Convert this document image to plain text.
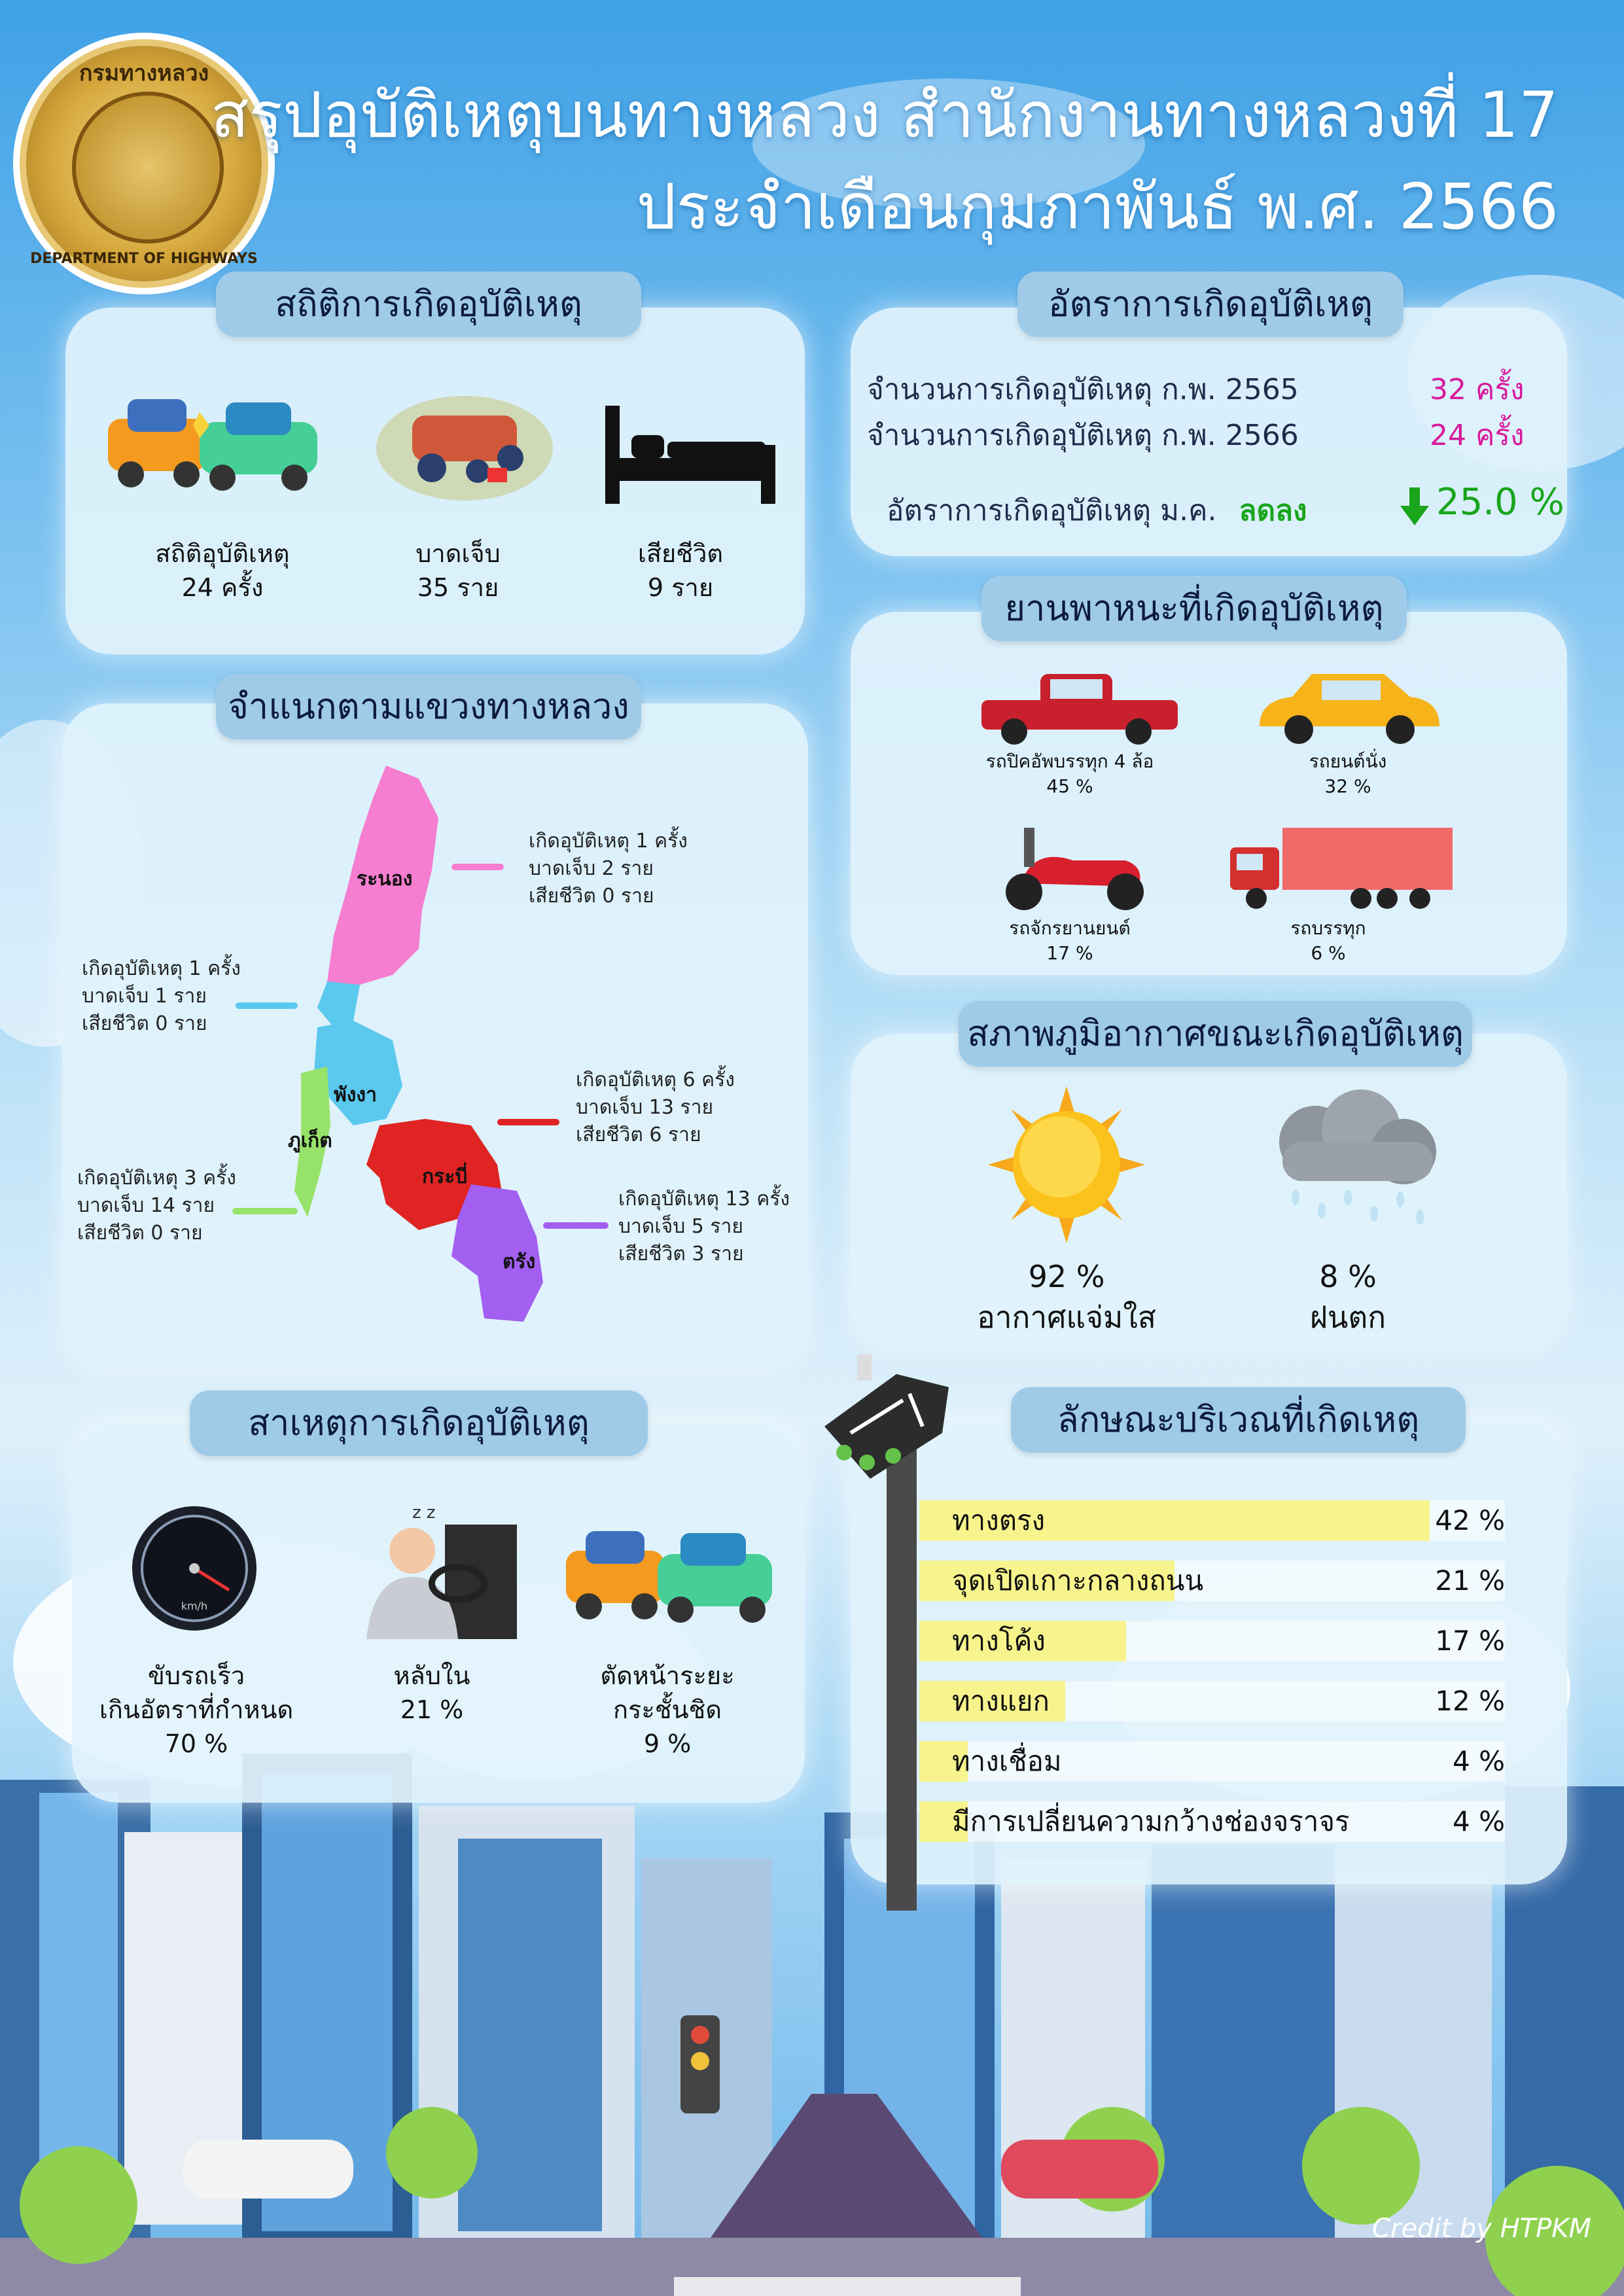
Credit by HTPKM
กรมทางหลวง
DEPARTMENT OF HIGHWAYS
สรุปอุบัติเหตุบนทางหลวง สำนักงานทางหลวงที่ 17
ประจำเดือนกุมภาพันธ์ พ.ศ. 2566
สถิติการเกิดอุบัติเหตุ
สถิติอุบัติเหตุ
24 ครั้ง
บาดเจ็บ
35 ราย
เสียชีวิต
9 ราย
อัตราการเกิดอุบัติเหตุ
จำนวนการเกิดอุบัติเหตุ ก.พ. 2565	32 ครั้ง
จำนวนการเกิดอุบัติเหตุ ก.พ. 2566	24 ครั้ง
อัตราการเกิดอุบัติเหตุ ม.ค. ลดลง	25.0 %
ยานพาหนะที่เกิดอุบัติเหตุ
รถปิคอัพบรรทุก 4 ล้อ
45 %
รถยนต์นั่ง
32 %
รถจักรยานยนต์
17 %
รถบรรทุก
6 %
จำแนกตามแขวงทางหลวง
ระนอง
พังงา
กระบี่
ภูเก็ต
ตรัง
เกิดอุบัติเหตุ 1 ครั้ง
บาดเจ็บ 2 ราย
เสียชีวิต 0 ราย
เกิดอุบัติเหตุ 1 ครั้ง
บาดเจ็บ 1 ราย
เสียชีวิต 0 ราย
เกิดอุบัติเหตุ 6 ครั้ง
บาดเจ็บ 13 ราย
เสียชีวิต 6 ราย
เกิดอุบัติเหตุ 3 ครั้ง
บาดเจ็บ 14 ราย
เสียชีวิต 0 ราย
เกิดอุบัติเหตุ 13 ครั้ง
บาดเจ็บ 5 ราย
เสียชีวิต 3 ราย
สภาพภูมิอากาศขณะเกิดอุบัติเหตุ
92 %
อากาศแจ่มใส
8 %
ฝนตก
สาเหตุการเกิดอุบัติเหตุ
km/h
z z
ขับรถเร็ว
เกินอัตราที่กำหนด
70 %
หลับใน
21 %
ตัดหน้าระยะ
กระชั้นชิด
9 %
ลักษณะบริเวณที่เกิดเหตุ
ทางตรง	42 %
จุดเปิดเกาะกลางถนน	21 %
ทางโค้ง	17 %
ทางแยก	12 %
ทางเชื่อม	4 %
มีการเปลี่ยนความกว้างช่องจราจร	4 %
